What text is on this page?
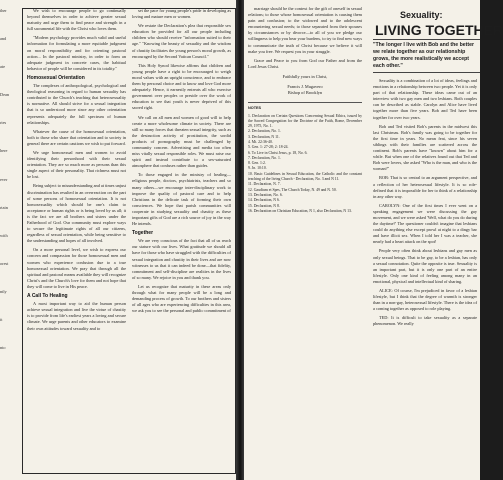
ther
and
ate
Dean
ries
here
ever
rtain
with
orest
ntly
it
nto

We wish to encourage people to go continually beyond themselves in order to achieve greater sexual maturity and urge them to find peace and strength in a full sacramental life with the Christ who loves them.

"Modern psychology provides much valid and useful information for formulating a more equitable judgment on moral responsibility and for orienting pastoral action... In the pastoral ministry, in order to form an adequate judgment in concrete cases, the habitual behavior of people will be considered in its totality."

Homosexual Orientation

The complexes of anthropological, psychological and theological reasoning in regard to human sexuality has contributed to the Church's teaching that heterosexuality is normative. All should strive for a sexual integration that is so understood more since any other orientation represents adequately the full spectrum of human relationships.

Whatever the cause of the homosexual orientation, both to those who share that orientation and to society in general there are certain cautions we wish to put forward.

We urge homosexual men and women to avoid identifying their personhood with their sexual orientation. They are so much more as persons than this single aspect of their personality. That richness must not be lost.

Being subject to misunderstanding and at times unjust discrimination has resulted in an overreaction on the part of some persons of homosexual orientation. It is not homosexuality which should be one's claim to acceptance or human rights or is being loved by us all; it is the fact we are all brothers and sisters under the Fatherhood of God. Our community must explore ways to secure the legitimate rights of all our citizens, regardless of sexual orientation, while being sensitive to the understanding and hopes of all involved.

On a more personal level, we wish to express our concern and compassion for those homosexual men and women who experience confusion due to a true homosexual orientation. We pray that through all the spiritual and pastoral means available they will recognize Christ's and the Church's love for them and not hope that they will come to live in His peace.

A Call To Healing

A most important way to aid the human person achieve sexual integration and live the virtue of chastity is to provide from life's earliest years a loving and secure climate. We urge parents and other educators to examine their own attitudes toward sexuality and to

set the pace for young people's pride in developing as loving and mature men or women.

We restate the Declaration's plea that responsible sex education be provided for all our people including children who should receive "information suited to their age." "Knowing the beauty of sexuality and the wisdom of chastity facilitates the young person's moral growth, as encouraged by the Second Vatican Council."

This Holy Synod likewise affirms that children and young people have a right to be encouraged to weigh moral values with an upright conscience, and to embrace them by personal choice and to know and love God more adequately. Hence, it earnestly entreats all who exercise government over peoples or preside over the work of education to see that youth is never deprived of this sacred right.

We call on all men and women of good will to help create a more wholesome climate in society. There are still so many forces that threaten sexual integrity, such as the destruction activity of prostitution, the sordid products of pornography must be challenged by community concern. Advertising and media too often miss vitally sexual responsible roles. We must raise our spirit and instead contribute to a sex-saturated atmosphere that confuses rather than guides.

To those engaged in the ministry of healing—religious people, doctors, psychiatrists, teachers and so many others—we encourage inter-disciplinary work to improve the quality of pastoral care and to help Christians in the delicate task of forming their own consciences. We hope that parish communities will cooperate in studying sexuality and chastity as these important gifts of God are a rich source of joy in the way He intends.

Together

We are very conscious of the fact that all of us reach our stature with our lives. What gratitude we should all have for those who have struggled with the difficulties of sexual integration and chastity in their lives and are now witnesses to us that it can indeed be done—that fidelity, commitment and self-discipline are realities in the lives of so many. We rejoice in you and thank you.

Let us recognize that maturity in these areas only through what for many people will be a long and demanding process of growth. To our brothers and sisters of all ages who are experiencing difficulties in this area, we ask you to see the personal and public commitment of

marriage should be the context for the gift of oneself in sexual relations; to those whose homosexual orientation is causing them pain and confusion; to the widowed and to the adolescent encountering sexual needs; to those separated from their spouses by circumstances or by divorce—to all of you we pledge our willingness to help you bear your burdens, to try to find new ways to communicate the truth of Christ because we believe it will make you free. We request you in your struggle.

Grace and Peace to you from God our Father and from the Lord Jesus Christ.

Faithfully yours in Christ,
Francis J. Mugavero
Bishop of Brooklyn
NOTES
1. Declaration on Certain Questions Concerning Sexual Ethics, issued by the Sacred Congregation for the Doctrine of the Faith, Rome, December 29, 1975, No. 1.
2. Declaration, No. 1.
3. Declaration, N 11.
4. Mt. 22:36-40.
5. Gen. 1: 27-28; 2: 18-24.
6. To Live in Christ Jesus, p. 18, No. 6.
7. Declaration, No. 1.
8. Gen. 1:2.
9. Jn. 10:10.
10. Basic Guidelines in Sexual Education, the Catholic and the constant teaching of the living Church - Declaration, No. 3 and N 11.
11. Declaration, N. 7.
12. Gaudium et Spes, The Church Today, N. 49 and N. 50.
13. Declaration, No. 6.
14. Declaration, N 6.
15. Declaration, N 8.
16. Declaration on Christian Education, N 1, also Declaration, N 13.
Sexuality:
LIVING TOGETHER
"The longer I live with Bob and the better we relate together as our relationship grows, the more realistically we accept each other."

Sexuality is a combination of a lot of ideas, feelings and emotions in a relationship between two people. Yet it is only part of that relationship. These ideas came out of an interview with two gay men and two lesbians. Both couples can be described as stable. Carolyn and Alice have lived together more than five years. Bob and Ted have been together for over two years.

Bob and Ted visited Bob's parents in the midwest this last Christmas. Bob's family was going to be together for the first time in years. No mean feat, since his seven siblings with their families are scattered across the continent. Bob's parents have "known" about him for a while. But when one of the relatives found out that Ted and Bob were lovers, she asked "Who is the man, and who is the woman?"

BOB: That is so central to an argument perspective, and a reflection of her heterosexual lifestyle. It is so role-defined that it is impossible for her to think of a relationship in any other way.

CAROLYN: One of the first times I ever went on a speaking engagement we were discussing the gay movement, and we were asked 'Well, what do you do during the daytime?' The questioner couldn't imagine that lesbians could do anything else except prowl at night to a dingy bar and have illicit sex. When I told her I was a teacher, she nearly had a heart attack on the spot!

People very often think about lesbians and gay men as only sexual beings. That to be gay, to be a lesbian, has only a sexual connotation. Quite the opposite is true. Sexuality is an important part, but it is only one part of an entire lifestyle. Only one kind of feeling among many in an emotional, physical and intellectual kind of sharing.

ALICE: Of course, I'm prejudiced in favor of a lesbian lifestyle, but I think that the degree of warmth is stronger than in a non-gay, heterosexual lifestyle. There is the idea of a coming together as opposed to role playing.

TED: It is difficult to take sexuality as a separate phenomenon. We really
